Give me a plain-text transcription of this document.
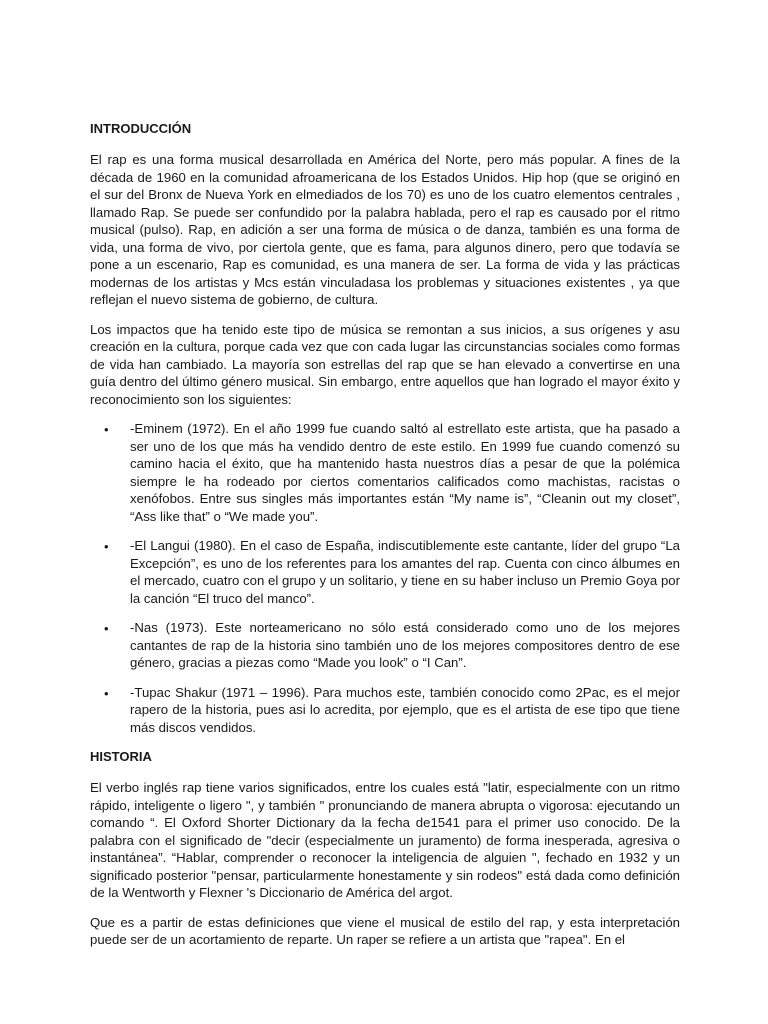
INTRODUCCIÓN

El rap es una forma musical desarrollada en América del Norte, pero más popular. A fines de la década de 1960 en la comunidad afroamericana de los Estados Unidos. Hip hop (que se originó en el sur del Bronx de Nueva York en elmediados de los 70) es uno de los cuatro elementos centrales , llamado Rap. Se puede ser confundido por la palabra hablada, pero el rap es causado por el ritmo musical (pulso). Rap, en adición a ser una forma de música o de danza, también es una forma de vida, una forma de vivo, por ciertola gente, que es fama, para algunos dinero, pero que todavía se pone a un escenario, Rap es comunidad, es una manera de ser. La forma de vida y las prácticas modernas de los artistas y Mcs están vinculadasa los problemas y situaciones existentes , ya que reflejan el nuevo sistema de gobierno, de cultura.

Los impactos que ha tenido este tipo de música se remontan a sus inicios, a sus orígenes y asu creación en la cultura, porque cada vez que con cada lugar las circunstancias sociales como formas de vida han cambiado. La mayoría son estrellas del rap que se han elevado a convertirse en una guía dentro del último género musical. Sin embargo, entre aquellos que han logrado el mayor éxito y reconocimiento son los siguientes:

• -Eminem (1972). En el año 1999 fue cuando saltó al estrellato este artista, que ha pasado a ser uno de los que más ha vendido dentro de este estilo. En 1999 fue cuando comenzó su camino hacia el éxito, que ha mantenido hasta nuestros días a pesar de que la polémica siempre le ha rodeado por ciertos comentarios calificados como machistas, racistas o xenófobos. Entre sus singles más importantes están “My name is”, “Cleanin out my closet”, “Ass like that” o “We made you”.
• -El Langui (1980). En el caso de España, indiscutiblemente este cantante, líder del grupo “La Excepción”, es uno de los referentes para los amantes del rap. Cuenta con cinco álbumes en el mercado, cuatro con el grupo y un solitario, y tiene en su haber incluso un Premio Goya por la canción “El truco del manco”.
• -Nas (1973). Este norteamericano no sólo está considerado como uno de los mejores cantantes de rap de la historia sino también uno de los mejores compositores dentro de ese género, gracias a piezas como “Made you look” o “I Can”.
• -Tupac Shakur (1971 – 1996). Para muchos este, también conocido como 2Pac, es el mejor rapero de la historia, pues asi lo acredita, por ejemplo, que es el artista de ese tipo que tiene más discos vendidos.
HISTORIA

El verbo inglés rap tiene varios significados, entre los cuales está "latir, especialmente con un ritmo rápido, inteligente o ligero ", y también " pronunciando de manera abrupta o vigorosa: ejecutando un comando “. El Oxford Shorter Dictionary da la fecha de1541 para el primer uso conocido. De la palabra con el significado de "decir (especialmente un juramento) de forma inesperada, agresiva o instantánea”. “Hablar, comprender o reconocer la inteligencia de alguien ", fechado en 1932 y un significado posterior "pensar, particularmente honestamente y sin rodeos" está dada como definición de la Wentworth y Flexner 's Diccionario de América del argot.

Que es a partir de estas definiciones que viene el musical de estilo del rap, y esta interpretación puede ser de un acortamiento de reparte. Un raper se refiere a un artista que "rapea". En el
